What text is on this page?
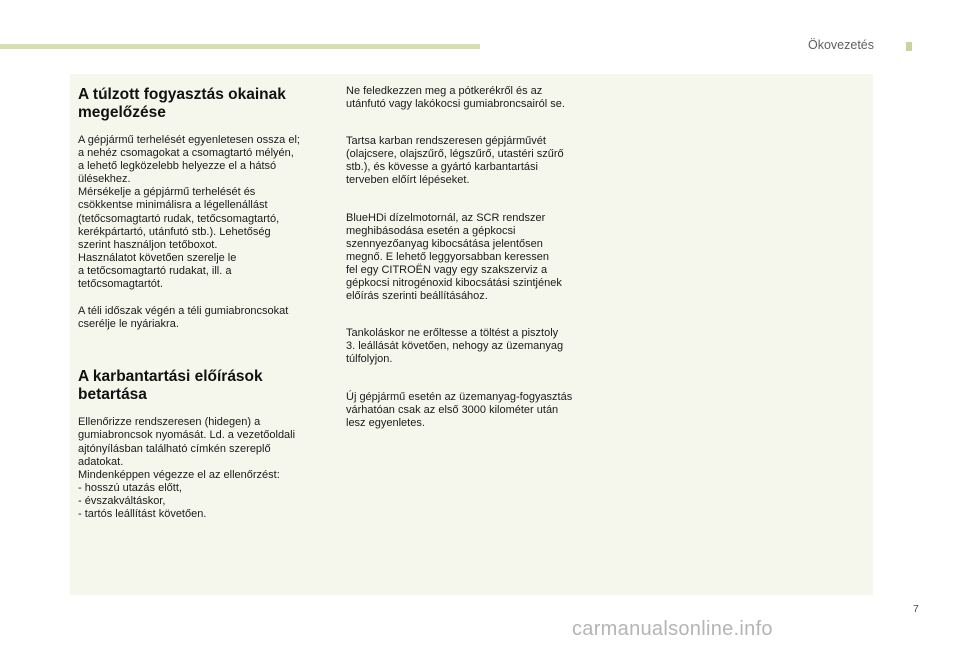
Ökovezetés
A túlzott fogyasztás okainak
megelőzése

A gépjármű terhelését egyenletesen ossza el;
a nehéz csomagokat a csomagtartó mélyén,
a lehető legközelebb helyezze el a hátsó
ülésekhez.
Mérsékelje a gépjármű terhelését és
csökkentse minimálisra a légellenállást
(tetőcsomagtartó rudak, tetőcsomagtartó,
kerékpártartó, utánfutó stb.). Lehetőség
szerint használjon tetőboxot.
Használatot követően szerelje le
a tetőcsomagtartó rudakat, ill. a
tetőcsomagtartót.

A téli időszak végén a téli gumiabroncsokat
cserélje le nyáriakra.

A karbantartási előírások
betartása

Ellenőrizze rendszeresen (hidegen) a
gumiabroncsok nyomását. Ld. a vezetőoldali
ajtónyílásban található címkén szereplő
adatokat.
Mindenképpen végezze el az ellenőrzést:
- hosszú utazás előtt,
- évszakváltáskor,
- tartós leállítást követően.

Ne feledkezzen meg a pótkerékről és az
utánfutó vagy lakókocsi gumiabroncsairól se.

Tartsa karban rendszeresen gépjárművét
(olajcsere, olajszűrő, légszűrő, utastéri szűrő
stb.), és kövesse a gyártó karbantartási
terveben előírt lépéseket.

BlueHDi dízelmotornál, az SCR rendszer
meghibásodása esetén a gépkocsi
szennyezőanyag kibocsátása jelentősen
megnő. E lehető leggyorsabban keressen
fel egy CITROËN vagy egy szakszerviz a
gépkocsi nitrogénoxid kibocsátási szintjének
előírás szerinti beállításához.

Tankoláskor ne erőltesse a töltést a pisztoly
3. leállását követően, nehogy az üzemanyag
túlfolyjon.

Új gépjármű esetén az üzemanyag-fogyasztás
várhatóan csak az első 3000 kilométer után
lesz egyenletes.

7
carmanualsonline.info
